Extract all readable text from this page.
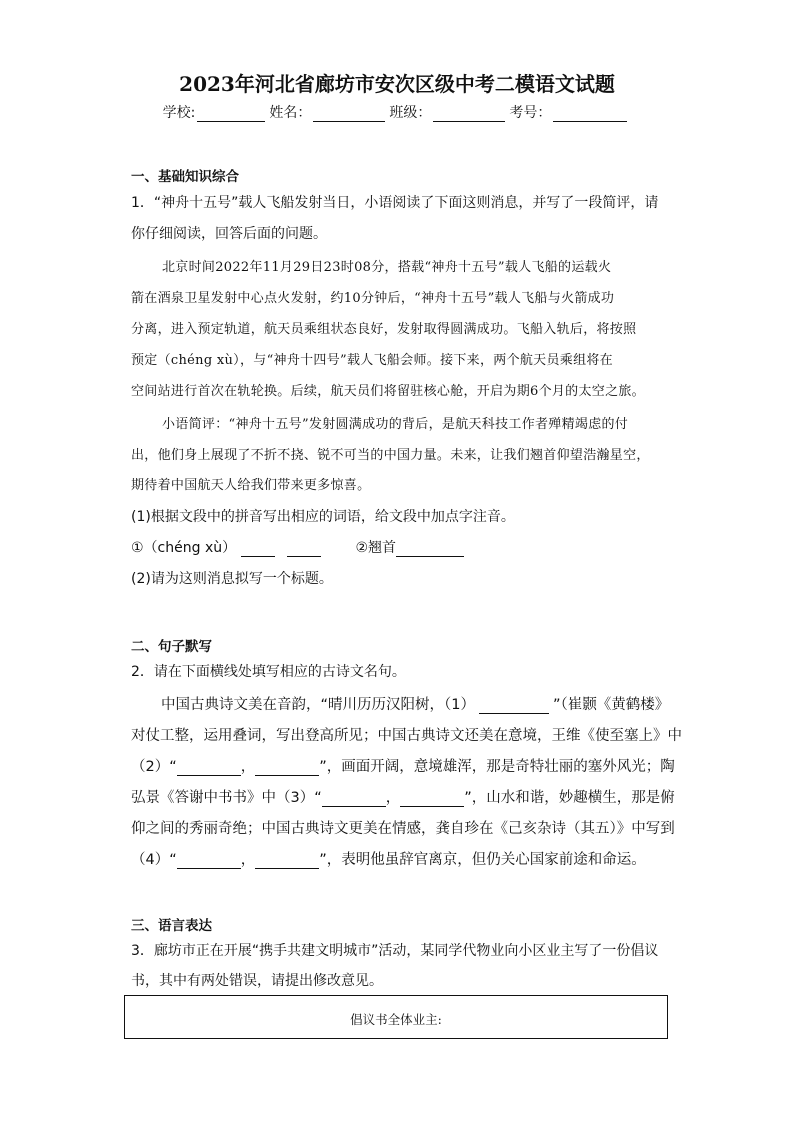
2023年河北省廊坊市安次区级中考二模语文试题
学校:	姓名：	班级：	考号：
一、基础知识综合
1．“神舟十五号”载人飞船发射当日，小语阅读了下面这则消息，并写了一段简评，请
你仔细阅读，回答后面的问题。
北京时间2022年11月29日23时08分，搭载“神舟十五号”载人飞船的运载火
箭在酒泉卫星发射中心点火发射，约10分钟后，“神舟十五号”载人飞船与火箭成功
分离，进入预定轨道，航天员乘组状态良好，发射取得圆满成功。飞船入轨后，将按照
预定（chéng xù），与“神舟十四号”载人飞船会师。接下来，两个航天员乘组将在
空间站进行首次在轨轮换。后续，航天员们将留驻核心舱，开启为期6个月的太空之旅。
小语简评：“神舟十五号”发射圆满成功的背后，是航天科技工作者殚精竭虑的付
出，他们身上展现了不折不挠、锐不可当的中国力量。未来，让我们翘首仰望浩瀚星空，
期待着中国航天人给我们带来更多惊喜。
(1)根据文段中的拼音写出相应的词语，给文段中加点字注音。
①（chéng xù）	②翘首
(2)请为这则消息拟写一个标题。
二、句子默写
2．请在下面横线处填写相应的古诗文名句。
中国古典诗文美在音韵，“晴川历历汉阳树，（1）	”（崔颢《黄鹤楼》
对仗工整，运用叠词，写出登高所见；中国古典诗文还美在意境，王维《使至塞上》中
（2）“	，	”，画面开阔，意境雄浑，那是奇特壮丽的塞外风光；陶
弘景《答谢中书书》中（3）“	，	”，山水和谐，妙趣横生，那是俯
仰之间的秀丽奇绝；中国古典诗文更美在情感，龚自珍在《己亥杂诗（其五）》中写到
（4）“	，	”，表明他虽辞官离京，但仍关心国家前途和命运。
三、语言表达
3．廊坊市正在开展“携手共建文明城市”活动，某同学代物业向小区业主写了一份倡议
书，其中有两处错误，请提出修改意见。
倡议书全体业主:
